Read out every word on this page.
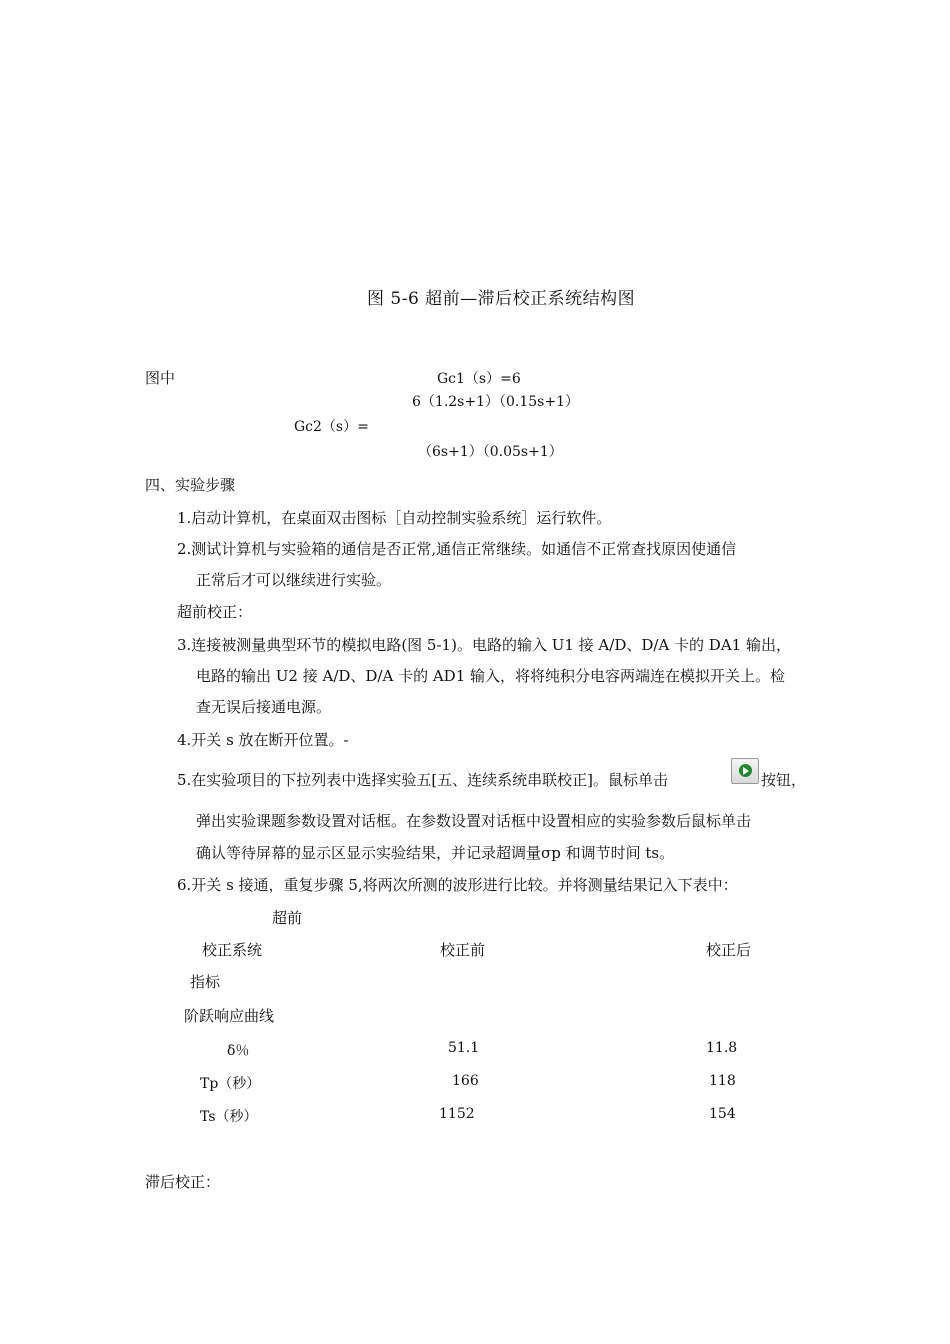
图 5-6 超前—滞后校正系统结构图
图中	Gc1（s）=6
6（1.2s+1）（0.15s+1）
Gc2（s）=
（6s+1）（0.05s+1）
四、实验步骤
1.启动计算机，在桌面双击图标［自动控制实验系统］运行软件。
2.测试计算机与实验箱的通信是否正常,通信正常继续。如通信不正常查找原因使通信
正常后才可以继续进行实验。
超前校正：
3.连接被测量典型环节的模拟电路(图 5-1)。电路的输入 U1 接 A/D、D/A 卡的 DA1 输出，
电路的输出 U2 接 A/D、D/A 卡的 AD1 输入，将将纯积分电容两端连在模拟开关上。检
查无误后接通电源。
4.开关 s 放在断开位置。-
5.在实验项目的下拉列表中选择实验五[五、连续系统串联校正]。鼠标单击	按钮，
弹出实验课题参数设置对话框。在参数设置对话框中设置相应的实验参数后鼠标单击
确认等待屏幕的显示区显示实验结果，并记录超调量σp 和调节时间 ts。
6.开关 s 接通，重复步骤 5,将两次所测的波形进行比较。并将测量结果记入下表中：
超前
校正系统	校正前	校正后
指标
阶跃响应曲线
δ％	51.1	11.8
Tp（秒）	166	118
Ts（秒）	1152	154
滞后校正：
